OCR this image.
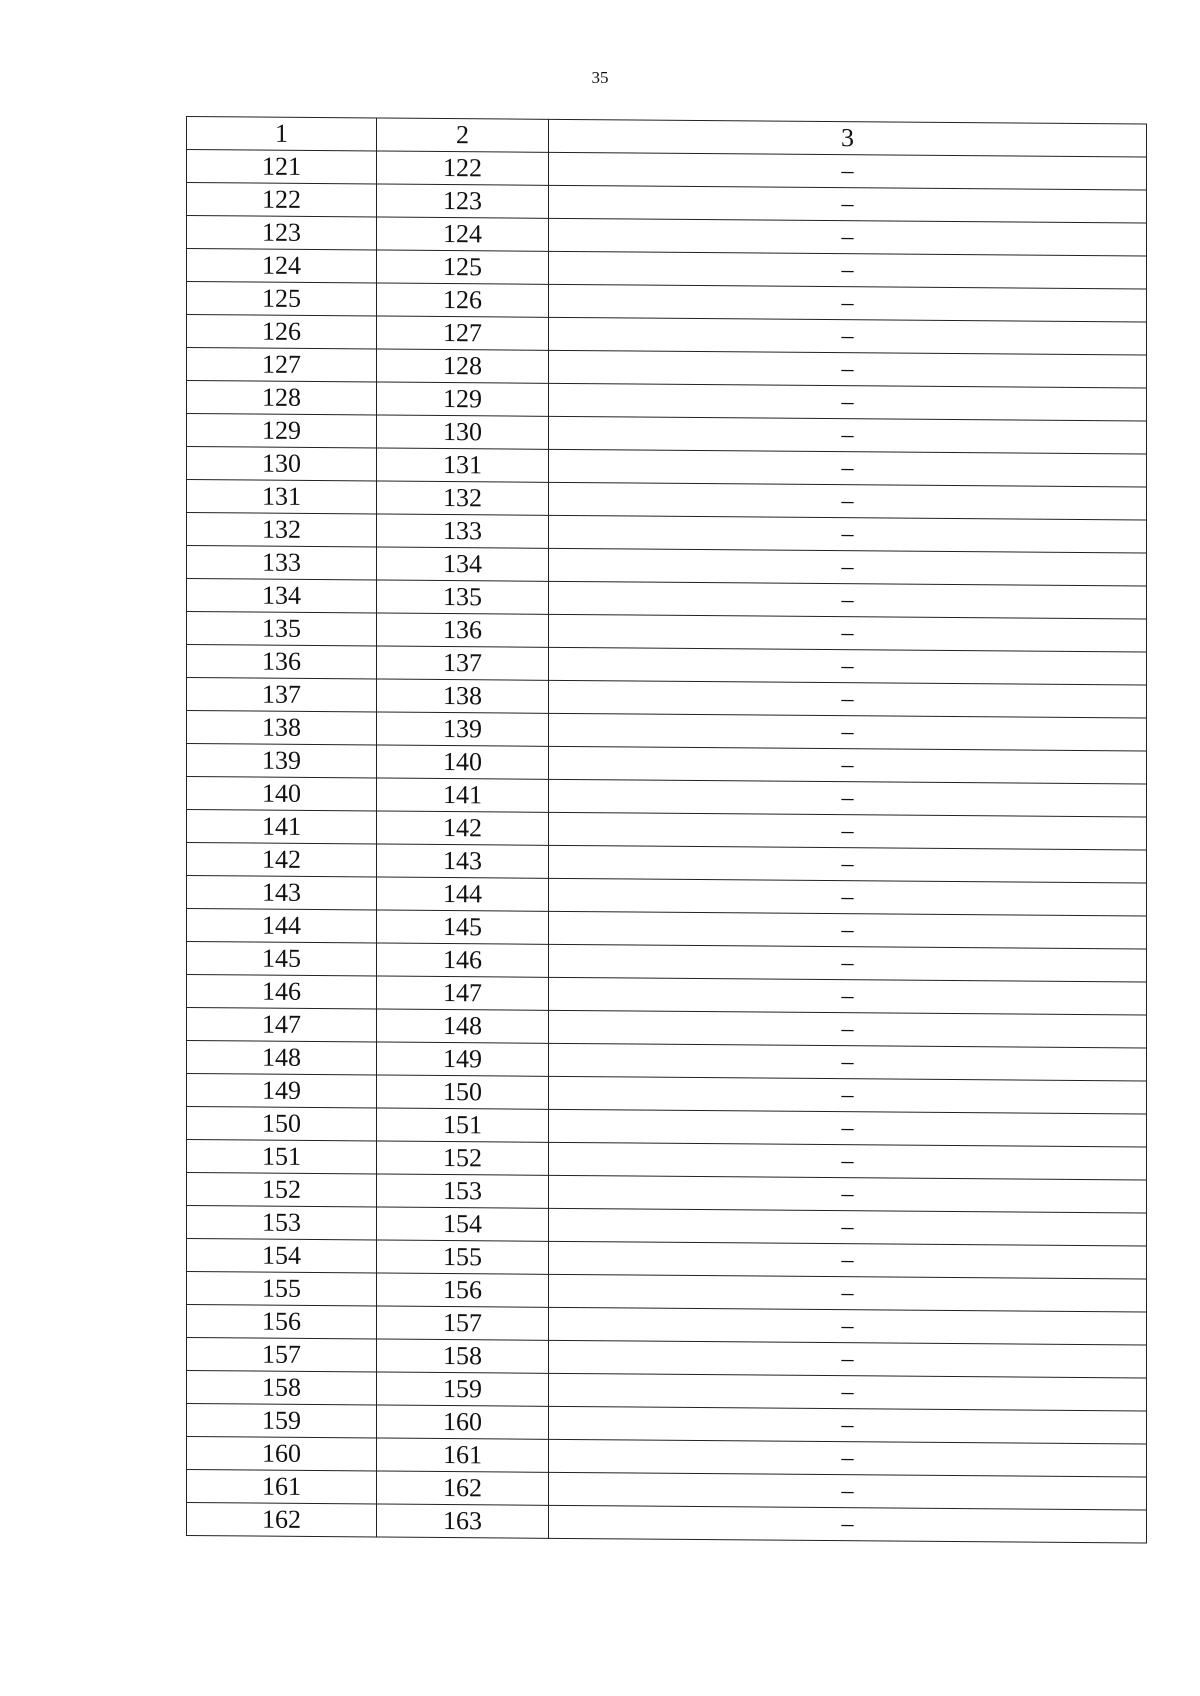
35
1	2	3
121	122	–
122	123	–
123	124	–
124	125	–
125	126	–
126	127	–
127	128	–
128	129	–
129	130	–
130	131	–
131	132	–
132	133	–
133	134	–
134	135	–
135	136	–
136	137	–
137	138	–
138	139	–
139	140	–
140	141	–
141	142	–
142	143	–
143	144	–
144	145	–
145	146	–
146	147	–
147	148	–
148	149	–
149	150	–
150	151	–
151	152	–
152	153	–
153	154	–
154	155	–
155	156	–
156	157	–
157	158	–
158	159	–
159	160	–
160	161	–
161	162	–
162	163	–
